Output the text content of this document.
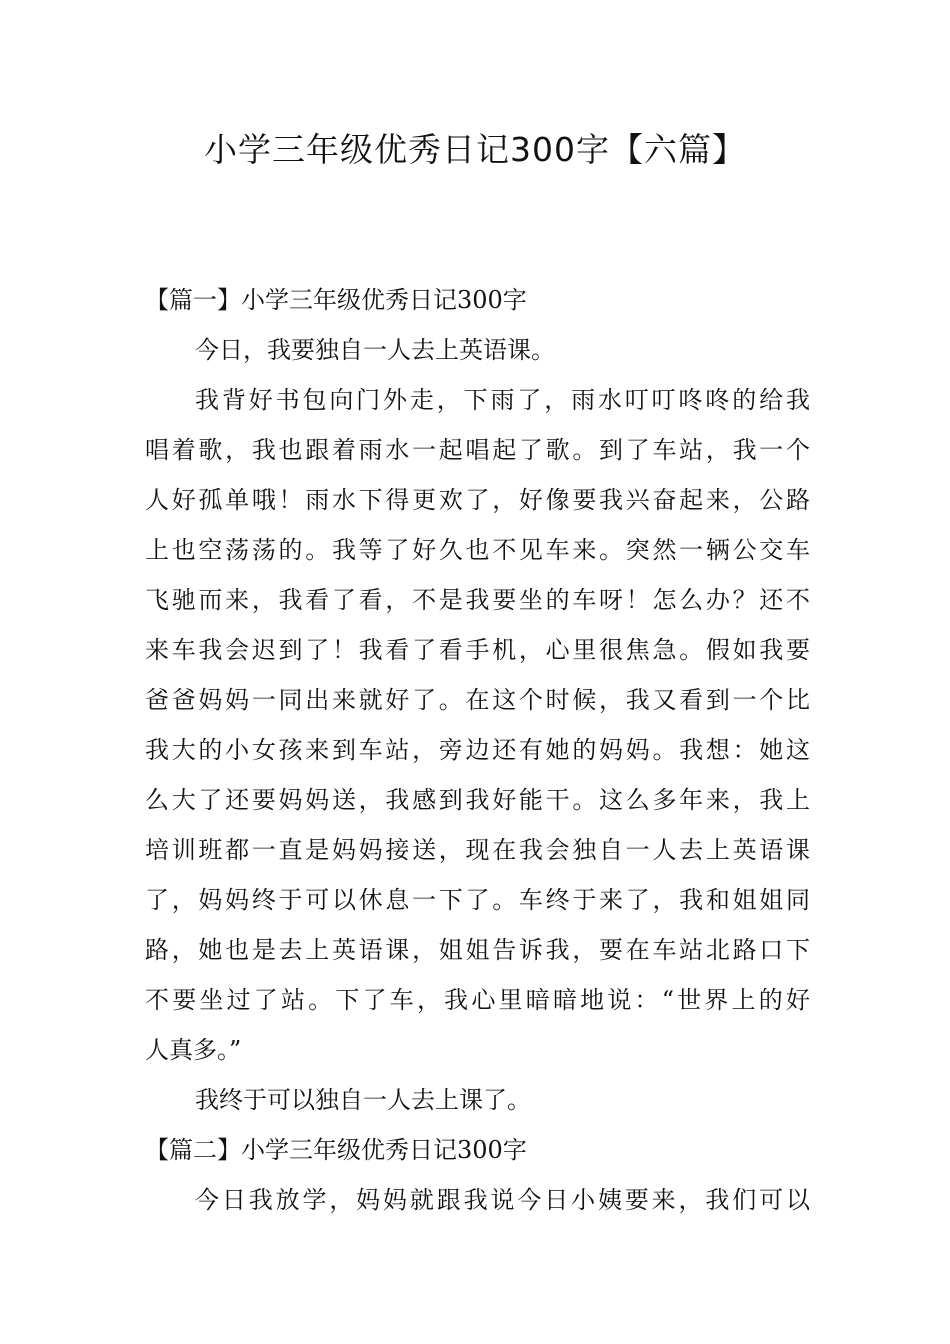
小学三年级优秀日记300字【六篇】
【篇一】小学三年级优秀日记300字
今日，我要独自一人去上英语课。
我背好书包向门外走，下雨了，雨水叮叮咚咚的给我
唱着歌，我也跟着雨水一起唱起了歌。到了车站，我一个
人好孤单哦！雨水下得更欢了，好像要我兴奋起来，公路
上也空荡荡的。我等了好久也不见车来。突然一辆公交车
飞驰而来，我看了看，不是我要坐的车呀！怎么办？还不
来车我会迟到了！我看了看手机，心里很焦急。假如我要
爸爸妈妈一同出来就好了。在这个时候，我又看到一个比
我大的小女孩来到车站，旁边还有她的妈妈。我想：她这
么大了还要妈妈送，我感到我好能干。这么多年来，我上
培训班都一直是妈妈接送，现在我会独自一人去上英语课
了，妈妈终于可以休息一下了。车终于来了，我和姐姐同
路，她也是去上英语课，姐姐告诉我，要在车站北路口下
不要坐过了站。下了车，我心里暗暗地说：“世界上的好
人真多。”
我终于可以独自一人去上课了。
【篇二】小学三年级优秀日记300字
今日我放学，妈妈就跟我说今日小姨要来，我们可以
